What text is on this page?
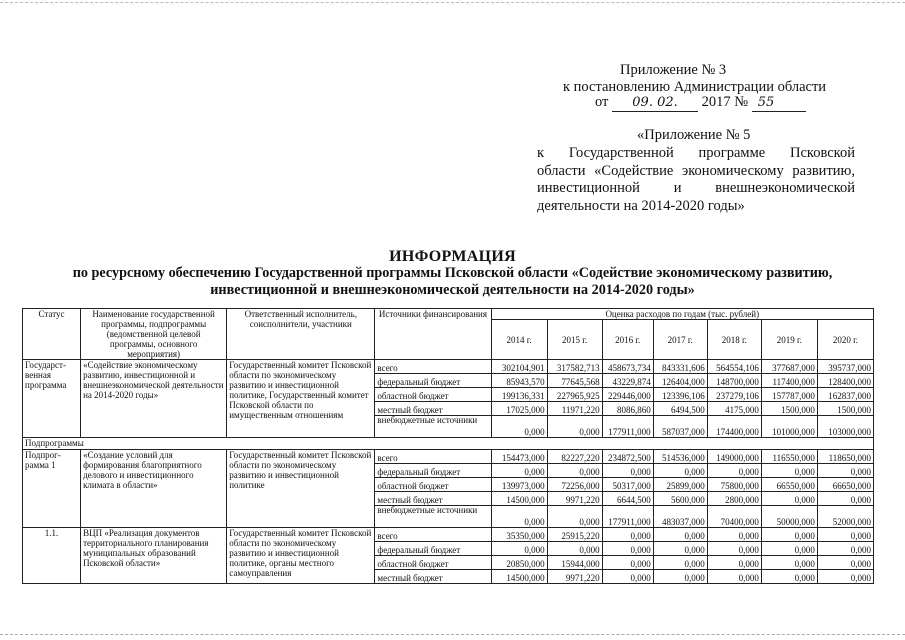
Приложение № 3
к постановлению Администрации области
от 09. 02. 2017 № 55
«Приложение № 5
к Государственной программе Псковской
области «Содействие экономическому развитию,
инвестиционной и внешнеэкономической
деятельности на 2014-2020 годы»
ИНФОРМАЦИЯ
по ресурсному обеспечению Государственной программы Псковской области «Содействие экономическому развитию,
инвестиционной и внешнеэкономической деятельности на 2014-2020 годы»
Статус	Наименование государственной программы, подпрограммы (ведомственной целевой программы, основного мероприятия)	Ответственный исполнитель, соисполнители, участники	Источники финансирования	Оценка расходов по годам (тыс. рублей)						
				2014 г.	2015 г.	2016 г.	2017 г.	2018 г.	2019 г.	2020 г.
Государст-венная программа	«Содействие экономическому развитию, инвестиционной и внешнеэкономической деятельности на 2014-2020 годы»	Государственный комитет Псковской области по экономическому развитию и инвестиционной политике, Государственный комитет Псковской области по имущественным отношениям	всего	302104,901	317582,713	458673,734	843331,606	564554,106	377687,000	395737,000
			федеральный бюджет	85943,570	77645,568	43229,874	126404,000	148700,000	117400,000	128400,000
			областной бюджет	199136,331	227965,925	229446,000	123396,106	237279,106	157787,000	162837,000
			местный бюджет	17025,000	11971,220	8086,860	6494,500	4175,000	1500,000	1500,000
			внебюджетные источники	0,000	0,000	177911,000	587037,000	174400,000	101000,000	103000,000
Подпрограммы										
Подпрог-рамма 1	«Создание условий для формирования благоприятного делового и инвестиционного климата в области»	Государственный комитет Псковской области по экономическому развитию и инвестиционной политике	всего	154473,000	82227,220	234872,500	514536,000	149000,000	116550,000	118650,000
			федеральный бюджет	0,000	0,000	0,000	0,000	0,000	0,000	0,000
			областной бюджет	139973,000	72256,000	50317,000	25899,000	75800,000	66550,000	66650,000
			местный бюджет	14500,000	9971,220	6644,500	5600,000	2800,000	0,000	0,000
			внебюджетные источники	0,000	0,000	177911,000	483037,000	70400,000	50000,000	52000,000
1.1.	ВЦП «Реализация документов территориального планирования муниципальных образований Псковской области»	Государственный комитет Псковской области по экономическому развитию и инвестиционной политике, органы местного самоуправления	всего	35350,000	25915,220	0,000	0,000	0,000	0,000	0,000
			федеральный бюджет	0,000	0,000	0,000	0,000	0,000	0,000	0,000
			областной бюджет	20850,000	15944,000	0,000	0,000	0,000	0,000	0,000
			местный бюджет	14500,000	9971,220	0,000	0,000	0,000	0,000	0,000
